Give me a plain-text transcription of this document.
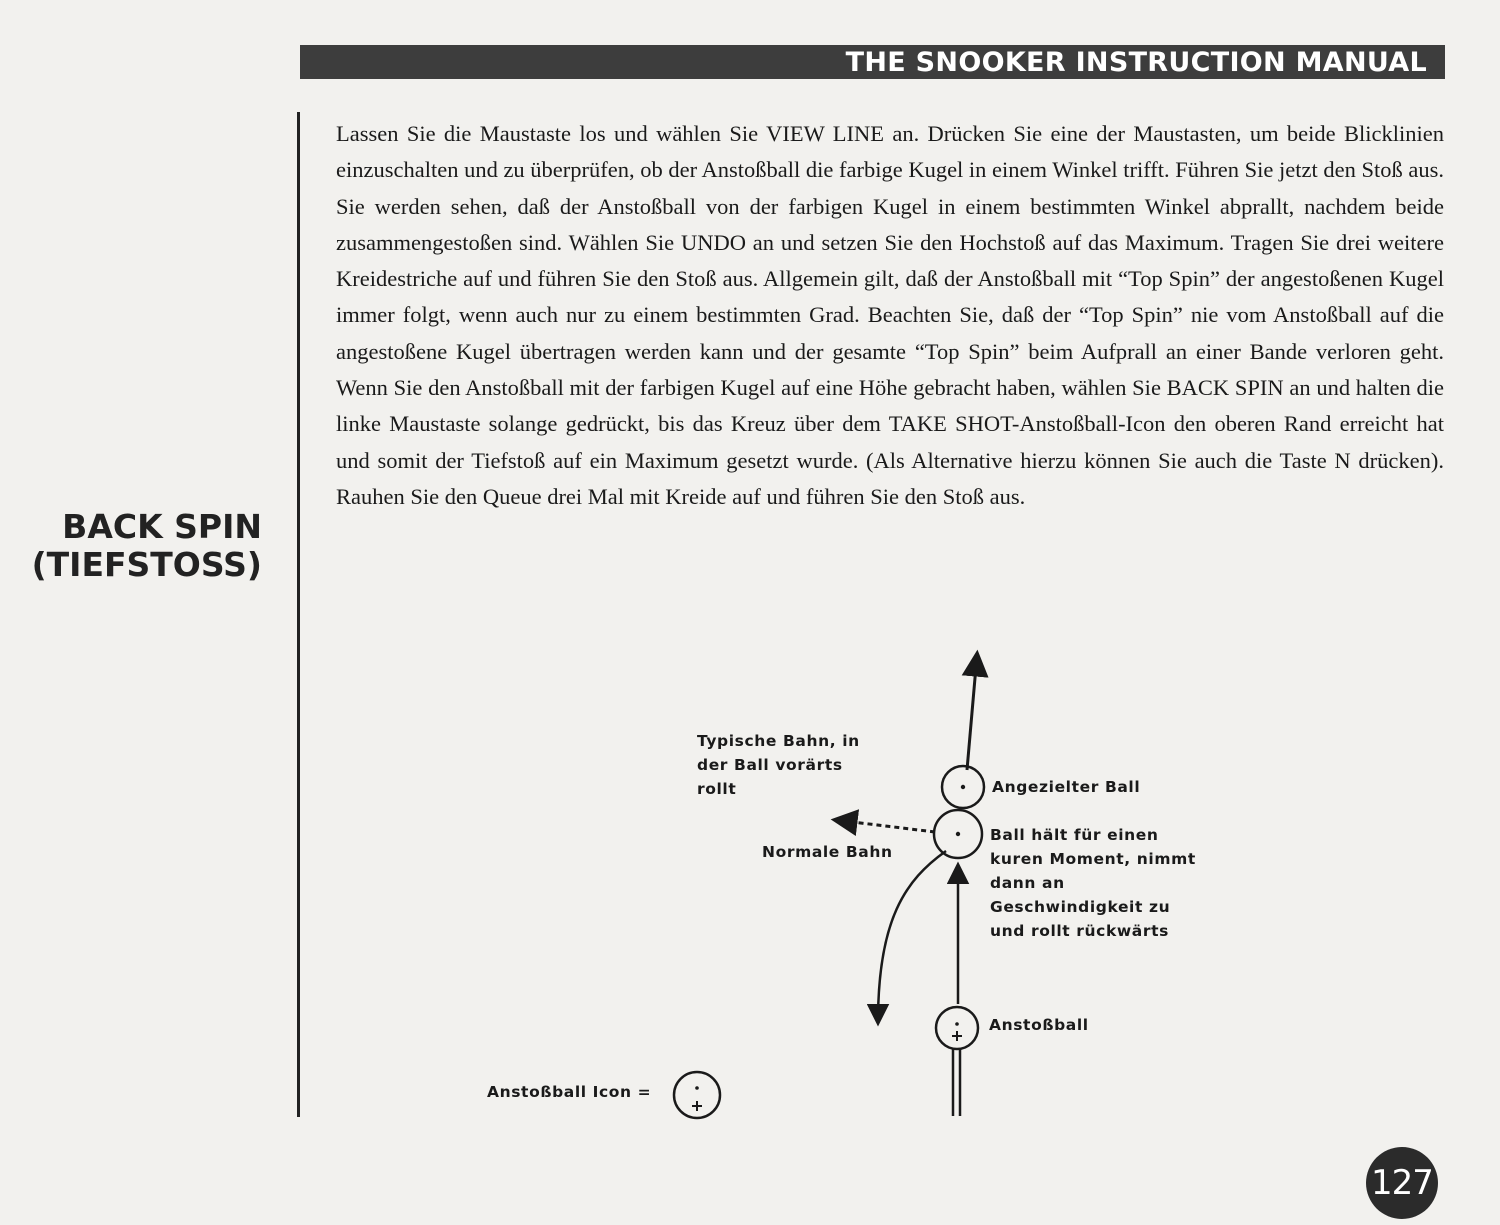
THE SNOOKER INSTRUCTION MANUAL
BACK SPIN
(TIEFSTOSS)

Lassen Sie die Maustaste los und wählen Sie VIEW LINE an. Drücken Sie eine der Maustasten, um beide Blicklinien einzuschalten und zu überprüfen, ob der Anstoßball die farbige Kugel in einem Winkel trifft. Führen Sie jetzt den Stoß aus. Sie werden sehen, daß der Anstoßball von der farbigen Kugel in einem bestimmten Winkel abprallt, nachdem beide zusammengestoßen sind. Wählen Sie UNDO an und setzen Sie den Hochstoß auf das Maximum. Tragen Sie drei weitere Kreidestriche auf und führen Sie den Stoß aus. Allgemein gilt, daß der Anstoßball mit “Top Spin” der angestoßenen Kugel immer folgt, wenn auch nur zu einem bestimmten Grad. Beachten Sie, daß der “Top Spin” nie vom Anstoßball auf die angestoßene Kugel übertragen werden kann und der gesamte “Top Spin” beim Aufprall an einer Bande verloren geht. Wenn Sie den Anstoßball mit der farbigen Kugel auf eine Höhe gebracht haben, wählen Sie BACK SPIN an und halten die linke Maustaste solange gedrückt, bis das Kreuz über dem TAKE SHOT-Anstoßball-Icon den oberen Rand erreicht hat und somit der Tiefstoß auf ein Maximum gesetzt wurde. (Als Alternative hierzu können Sie auch die Taste N drücken). Rauhen Sie den Queue drei Mal mit Kreide auf und führen Sie den Stoß aus.

Typische Bahn, in
der Ball vorärts
rollt	Angezielter Ball
Normale Bahn
Ball hält für einen
kuren Moment, nimmt
dann an
Geschwindigkeit zu
und rollt rückwärts
Anstoßball
Anstoßball Icon =
127
